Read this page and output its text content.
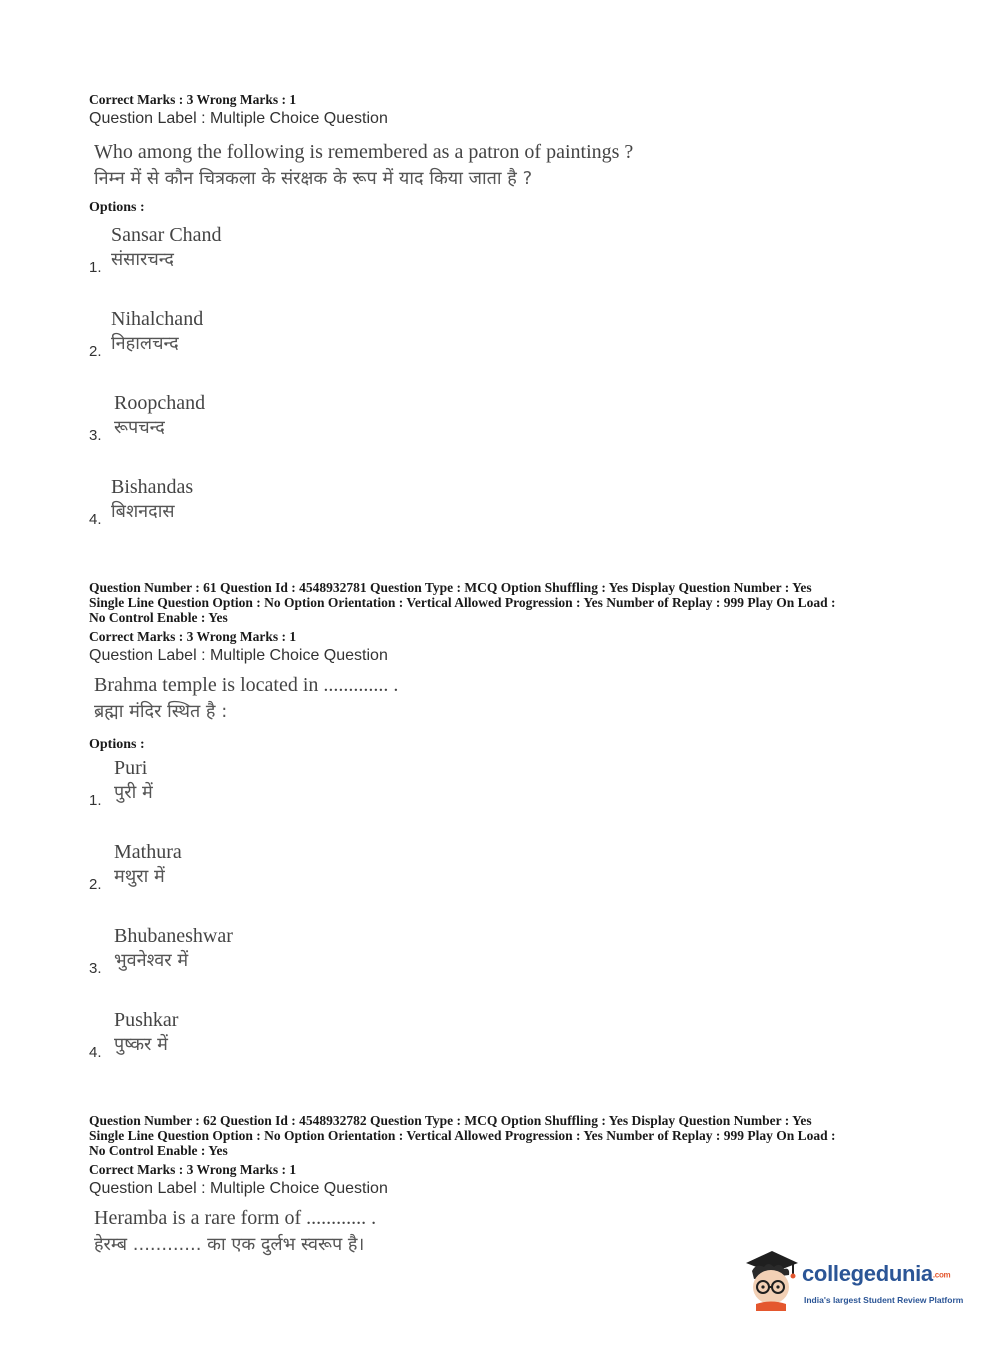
Correct Marks : 3 Wrong Marks : 1
Question Label : Multiple Choice Question
Who among the following is remembered as a patron of paintings ?
निम्न में से कौन चित्रकला के संरक्षक के रूप में याद किया जाता है ?
Options :
Sansar Chand
संसारचन्द
1.
Nihalchand
निहालचन्द
2.
Roopchand
रूपचन्द
3.
Bishandas
बिशनदास
4.
Question Number : 61 Question Id : 4548932781 Question Type : MCQ Option Shuffling : Yes Display Question Number : Yes
Single Line Question Option : No Option Orientation : Vertical Allowed Progression : Yes Number of Replay : 999 Play On Load :
No Control Enable : Yes
Correct Marks : 3 Wrong Marks : 1
Question Label : Multiple Choice Question
Brahma temple is located in ............. .
ब्रह्मा मंदिर स्थित है :
Options :
Puri
पुरी में
1.
Mathura
मथुरा में
2.
Bhubaneshwar
भुवनेश्वर में
3.
Pushkar
पुष्कर में
4.
Question Number : 62 Question Id : 4548932782 Question Type : MCQ Option Shuffling : Yes Display Question Number : Yes
Single Line Question Option : No Option Orientation : Vertical Allowed Progression : Yes Number of Replay : 999 Play On Load :
No Control Enable : Yes
Correct Marks : 3 Wrong Marks : 1
Question Label : Multiple Choice Question
Heramba is a rare form of ............ .
हेरम्ब ............ का एक दुर्लभ स्वरूप है।
collegedunia.com
India's largest Student Review Platform
